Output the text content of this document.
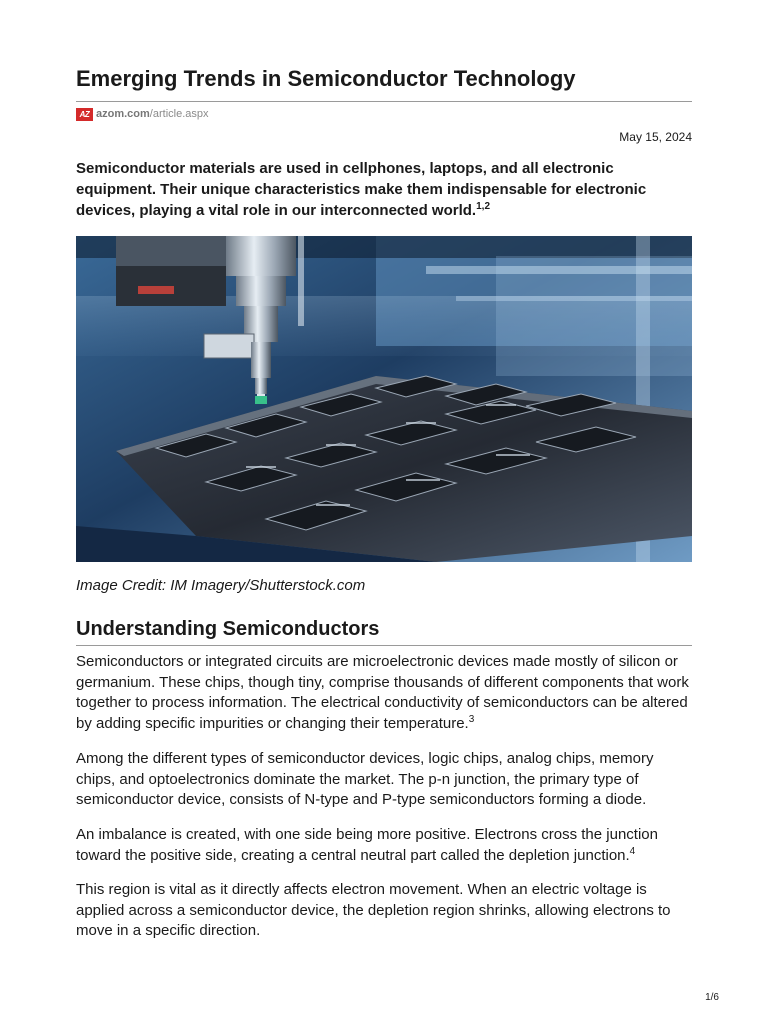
Emerging Trends in Semiconductor Technology
AZ azom.com /article.aspx
May 15, 2024

Semiconductor materials are used in cellphones, laptops, and all electronic equipment. Their unique characteristics make them indispensable for electronic devices, playing a vital role in our interconnected world.$^{1,2}$

Image Credit: IM Imagery/Shutterstock.com
Understanding Semiconductors

Semiconductors or integrated circuits are microelectronic devices made mostly of silicon or germanium. These chips, though tiny, comprise thousands of different components that work together to process information. The electrical conductivity of semiconductors can be altered by adding specific impurities or changing their temperature.$^3$

Among the different types of semiconductor devices, logic chips, analog chips, memory chips, and optoelectronics dominate the market. The p-n junction, the primary type of semiconductor device, consists of N-type and P-type semiconductors forming a diode.

An imbalance is created, with one side being more positive. Electrons cross the junction toward the positive side, creating a central neutral part called the depletion junction.$^4$

This region is vital as it directly affects electron movement. When an electric voltage is applied across a semiconductor device, the depletion region shrinks, allowing electrons to move in a specific direction.

1/6
